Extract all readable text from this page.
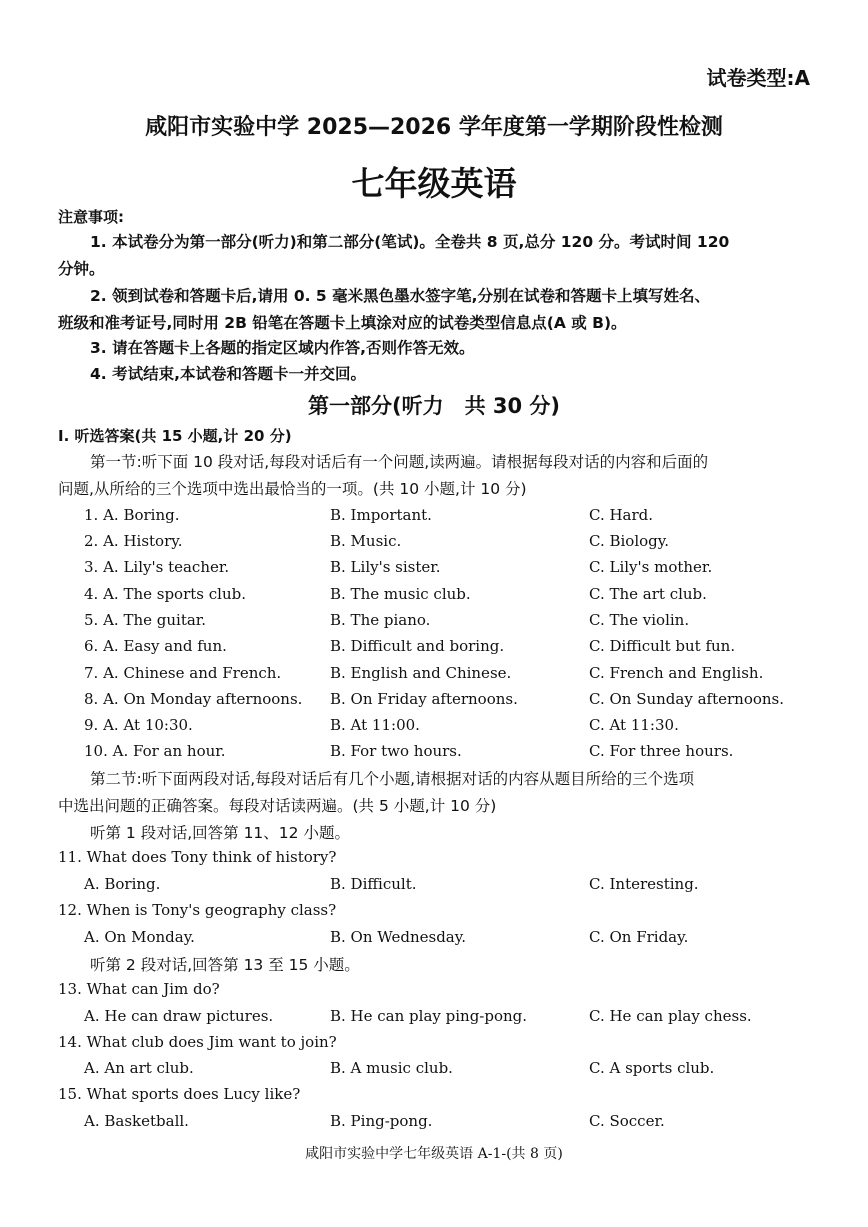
试卷类型:A
咸阳市实验中学 2025—2026 学年度第一学期阶段性检测
七年级英语
注意事项:
1. 本试卷分为第一部分(听力)和第二部分(笔试)。全卷共 8 页,总分 120 分。考试时间 120
分钟。
2. 领到试卷和答题卡后,请用 0. 5 毫米黑色墨水签字笔,分别在试卷和答题卡上填写姓名、
班级和准考证号,同时用 2B 铅笔在答题卡上填涂对应的试卷类型信息点(A 或 B)。
3. 请在答题卡上各题的指定区域内作答,否则作答无效。
4. 考试结束,本试卷和答题卡一并交回。
第一部分(听力　共 30 分)
Ⅰ. 听选答案(共 15 小题,计 20 分)
第一节:听下面 10 段对话,每段对话后有一个问题,读两遍。请根据每段对话的内容和后面的
问题,从所给的三个选项中选出最恰当的一项。(共 10 小题,计 10 分)
1. A. Boring.	B. Important.	C. Hard.
2. A. History.	B. Music.	C. Biology.
3. A. Lily's teacher.	B. Lily's sister.	C. Lily's mother.
4. A. The sports club.	B. The music club.	C. The art club.
5. A. The guitar.	B. The piano.	C. The violin.
6. A. Easy and fun.	B. Difficult and boring.	C. Difficult but fun.
7. A. Chinese and French.	B. English and Chinese.	C. French and English.
8. A. On Monday afternoons. B. On Friday afternoons.	C. On Sunday afternoons.
9. A. At 10:30.	B. At 11:00.	C. At 11:30.
10. A. For an hour.	B. For two hours.	C. For three hours.
第二节:听下面两段对话,每段对话后有几个小题,请根据对话的内容从题目所给的三个选项
中选出问题的正确答案。每段对话读两遍。(共 5 小题,计 10 分)
听第 1 段对话,回答第 11、12 小题。
11. What does Tony think of history?
A. Boring.	B. Difficult.	C. Interesting.
12. When is Tony's geography class?
A. On Monday.	B. On Wednesday.	C. On Friday.
听第 2 段对话,回答第 13 至 15 小题。
13. What can Jim do?
A. He can draw pictures.	B. He can play ping-pong.	C. He can play chess.
14. What club does Jim want to join?
A. An art club.	B. A music club.	C. A sports club.
15. What sports does Lucy like?
A. Basketball.	B. Ping-pong.	C. Soccer.
咸阳市实验中学七年级英语 A-1-(共 8 页)
